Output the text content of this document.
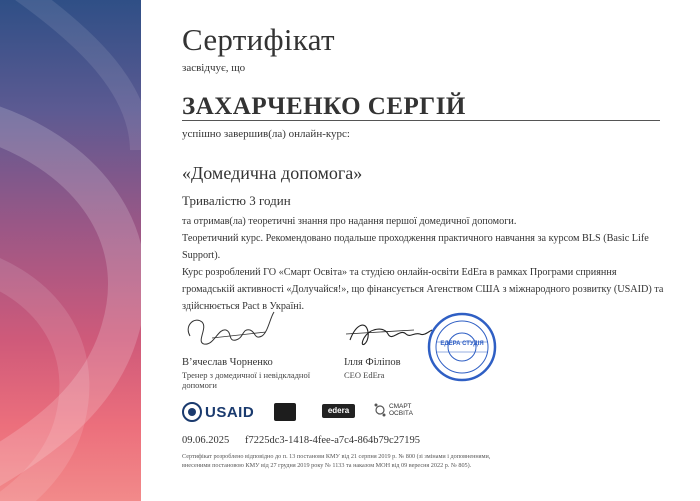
Сертифікат
засвідчує, що
ЗАХАРЧЕНКО СЕРГІЙ
успішно завершив(ла) онлайн-курс:
«Домедична допомога»
Тривалістю 3 годин
та отримав(ла) теоретичні знання про надання першої домедичної допомоги.
Теоретичний курс. Рекомендовано подальше проходження практичного навчання за курсом BLS (Basic Life
Support).
Курс розроблений ГО «Смарт Освіта» та студією онлайн-освіти EdEra в рамках Програми сприяння
громадській активності «Долучайся!», що фінансується Агенством США з міжнародного розвитку (USAID) та
здійснюється Pact в Україні.
ЕДЕРА СТУДІЯ
В’ячеслав Чорненко
Тренер з домедичної і невідкладної допомоги
Ілля Філіпов
CEO EdEra
USAID	edera	СМАРТ
ОСВІТА
09.06.2025 f7225dc3-1418-4fee-a7c4-864b79c27195
Сертифікат розроблено відповідно до п. 13 постанови КМУ від 21 серпня 2019 р. № 800 (зі змінами і доповненнями,
внесеними постановою КМУ від 27 грудня 2019 року № 1133 та наказом МОН від 09 вересня 2022 р. № 805).
